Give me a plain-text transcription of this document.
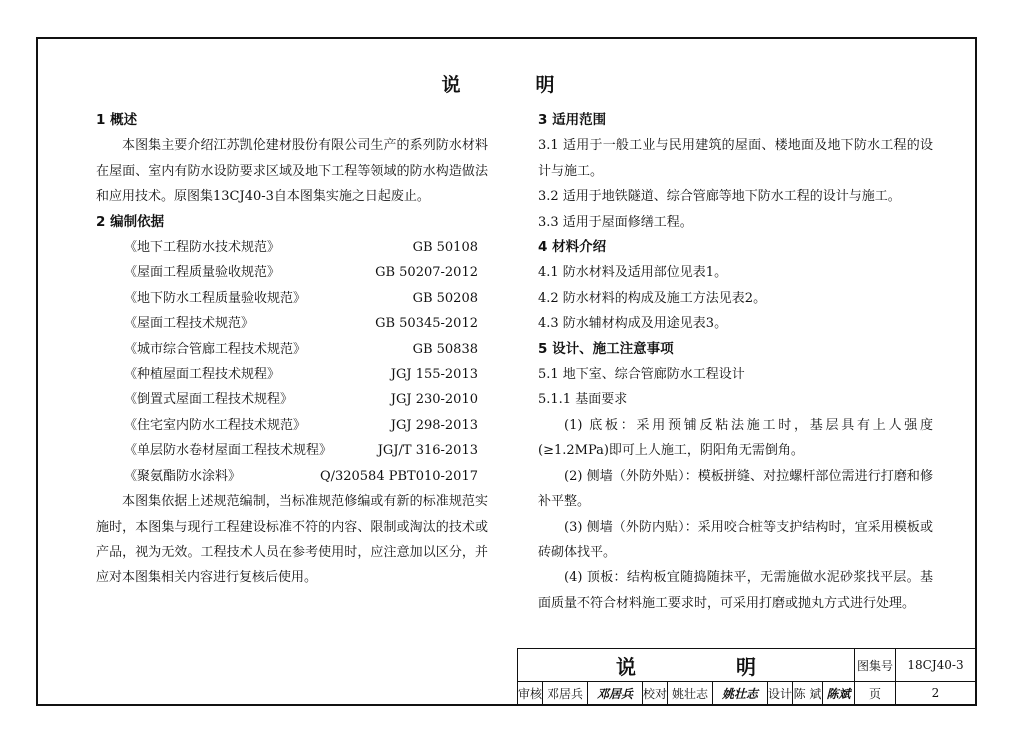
说　明
1 概述
本图集主要介绍江苏凯伦建材股份有限公司生产的系列防水材料在屋面、室内有防水设防要求区域及地下工程等领域的防水构造做法和应用技术。原图集13CJ40-3自本图集实施之日起废止。
2 编制依据
《地下工程防水技术规范》	GB 50108
《屋面工程质量验收规范》	GB 50207-2012
《地下防水工程质量验收规范》	GB 50208
《屋面工程技术规范》	GB 50345-2012
《城市综合管廊工程技术规范》	GB 50838
《种植屋面工程技术规程》	JGJ 155-2013
《倒置式屋面工程技术规程》	JGJ 230-2010
《住宅室内防水工程技术规范》	JGJ 298-2013
《单层防水卷材屋面工程技术规程》	JGJ/T 316-2013
《聚氨酯防水涂料》	Q/320584 PBT010-2017
本图集依据上述规范编制，当标准规范修编或有新的标准规范实施时，本图集与现行工程建设标准不符的内容、限制或淘汰的技术或产品，视为无效。工程技术人员在参考使用时，应注意加以区分，并应对本图集相关内容进行复核后使用。
3 适用范围
3.1 适用于一般工业与民用建筑的屋面、楼地面及地下防水工程的设计与施工。
3.2 适用于地铁隧道、综合管廊等地下防水工程的设计与施工。
3.3 适用于屋面修缮工程。
4 材料介绍
4.1 防水材料及适用部位见表1。
4.2 防水材料的构成及施工方法见表2。
4.3 防水辅材构成及用途见表3。
5 设计、施工注意事项
5.1 地下室、综合管廊防水工程设计
5.1.1 基面要求
(1) 底板：采用预铺反粘法施工时，基层具有上人强度(≥1.2MPa)即可上人施工，阴阳角无需倒角。
(2) 侧墙（外防外贴）：模板拼缝、对拉螺杆部位需进行打磨和修补平整。
(3) 侧墙（外防内贴）：采用咬合桩等支护结构时，宜采用模板或砖砌体找平。
(4) 顶板：结构板宜随捣随抹平，无需施做水泥砂浆找平层。基面质量不符合材料施工要求时，可采用打磨或抛丸方式进行处理。
说　明	图集号	18CJ40-3
审核 邓居兵	邓居兵 校对 姚壮志	姚壮志 设计 陈 斌 陈斌	页	2
